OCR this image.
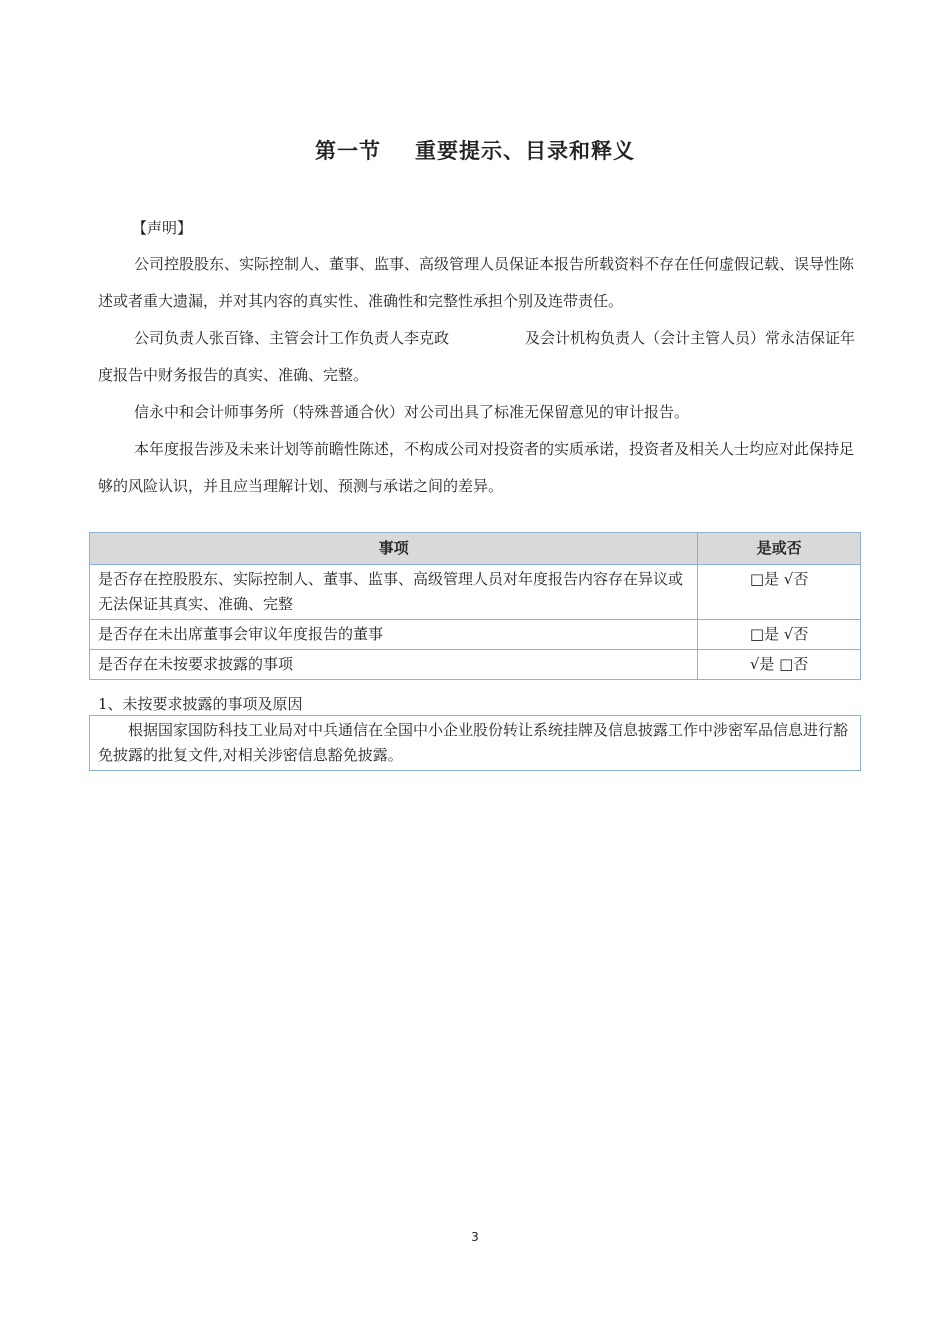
第一节 重要提示、目录和释义
【声明】
公司控股股东、实际控制人、董事、监事、高级管理人员保证本报告所载资料不存在任何虚假记载、误导性陈述或者重大遗漏，并对其内容的真实性、准确性和完整性承担个别及连带责任。
公司负责人张百锋、主管会计工作负责人李克政	及会计机构负责人（会计主管人员）常永洁保证年度报告中财务报告的真实、准确、完整。
信永中和会计师事务所（特殊普通合伙）对公司出具了标准无保留意见的审计报告。
本年度报告涉及未来计划等前瞻性陈述，不构成公司对投资者的实质承诺，投资者及相关人士均应对此保持足够的风险认识，并且应当理解计划、预测与承诺之间的差异。
事项	是或否
是否存在控股股东、实际控制人、董事、监事、高级管理人员对年度报告内容存在异议或无法保证其真实、准确、完整	□是 √否
是否存在未出席董事会审议年度报告的董事	□是 √否
是否存在未按要求披露的事项	√是 □否
1、未按要求披露的事项及原因
根据国家国防科技工业局对中兵通信在全国中小企业股份转让系统挂牌及信息披露工作中涉密军品信息进行豁免披露的批复文件,对相关涉密信息豁免披露。
3
